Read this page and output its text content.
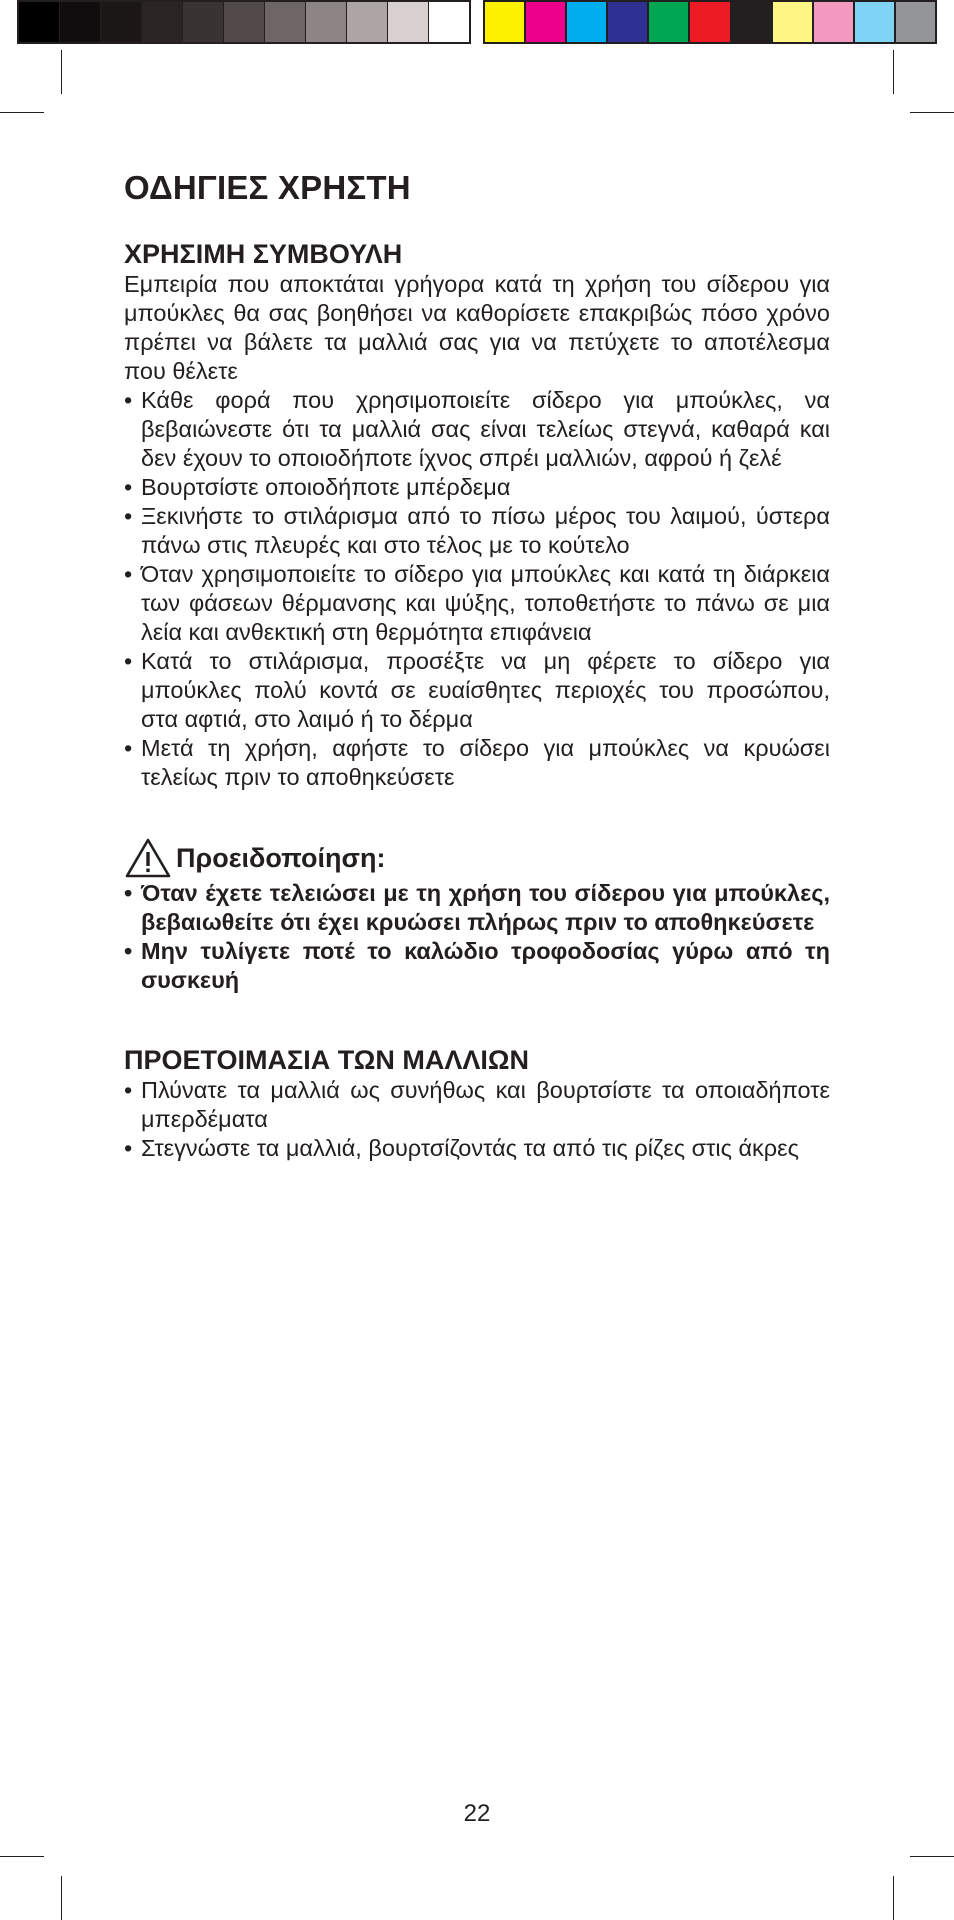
ΟΔΗΓΙΕΣ ΧΡΗΣΤΗ
ΧΡΗΣΙΜΗ ΣΥΜΒΟΥΛΗ

Εμπειρία που αποκτάται γρήγορα κατά τη χρήση του σίδερου για μπούκλες θα σας βοηθήσει να καθορίσετε επακριβώς πόσο χρόνο πρέπει να βάλετε τα μαλλιά σας για να πετύχετε το αποτέλεσμα που θέλετε

• Κάθε φορά που χρησιμοποιείτε σίδερο για μπούκλες, να βεβαιώνεστε ότι τα μαλλιά σας είναι τελείως στεγνά, καθαρά και δεν έχουν το οποιοδήποτε ίχνος σπρέι μαλλιών, αφρού ή ζελέ
• Βουρτσίστε οποιοδήποτε μπέρδεμα
• Ξεκινήστε το στιλάρισμα από το πίσω μέρος του λαιμού, ύστερα πάνω στις πλευρές και στο τέλος με το κούτελο
• Όταν χρησιμοποιείτε το σίδερο για μπούκλες και κατά τη διάρκεια των φάσεων θέρμανσης και ψύξης, τοποθετήστε το πάνω σε μια λεία και ανθεκτική στη θερμότητα επιφάνεια
• Κατά το στιλάρισμα, προσέξτε να μη φέρετε το σίδερο για μπούκλες πολύ κοντά σε ευαίσθητες περιοχές του προσώπου, στα αφτιά, στο λαιμό ή το δέρμα
• Μετά τη χρήση, αφήστε το σίδερο για μπούκλες να κρυώσει τελείως πριν το αποθηκεύσετε
Προειδοποίηση:
• Όταν έχετε τελειώσει με τη χρήση του σίδερου για μπούκλες, βεβαιωθείτε ότι έχει κρυώσει πλήρως πριν το αποθηκεύσετε
• Μην τυλίγετε ποτέ το καλώδιο τροφοδοσίας γύρω από τη συσκευή
ΠΡΟΕΤΟΙΜΑΣΙΑ ΤΩΝ ΜΑΛΛΙΩΝ
• Πλύνατε τα μαλλιά ως συνήθως και βουρτσίστε τα οποιαδήποτε μπερδέματα
• Στεγνώστε τα μαλλιά, βουρτσίζοντάς τα από τις ρίζες στις άκρες
22
